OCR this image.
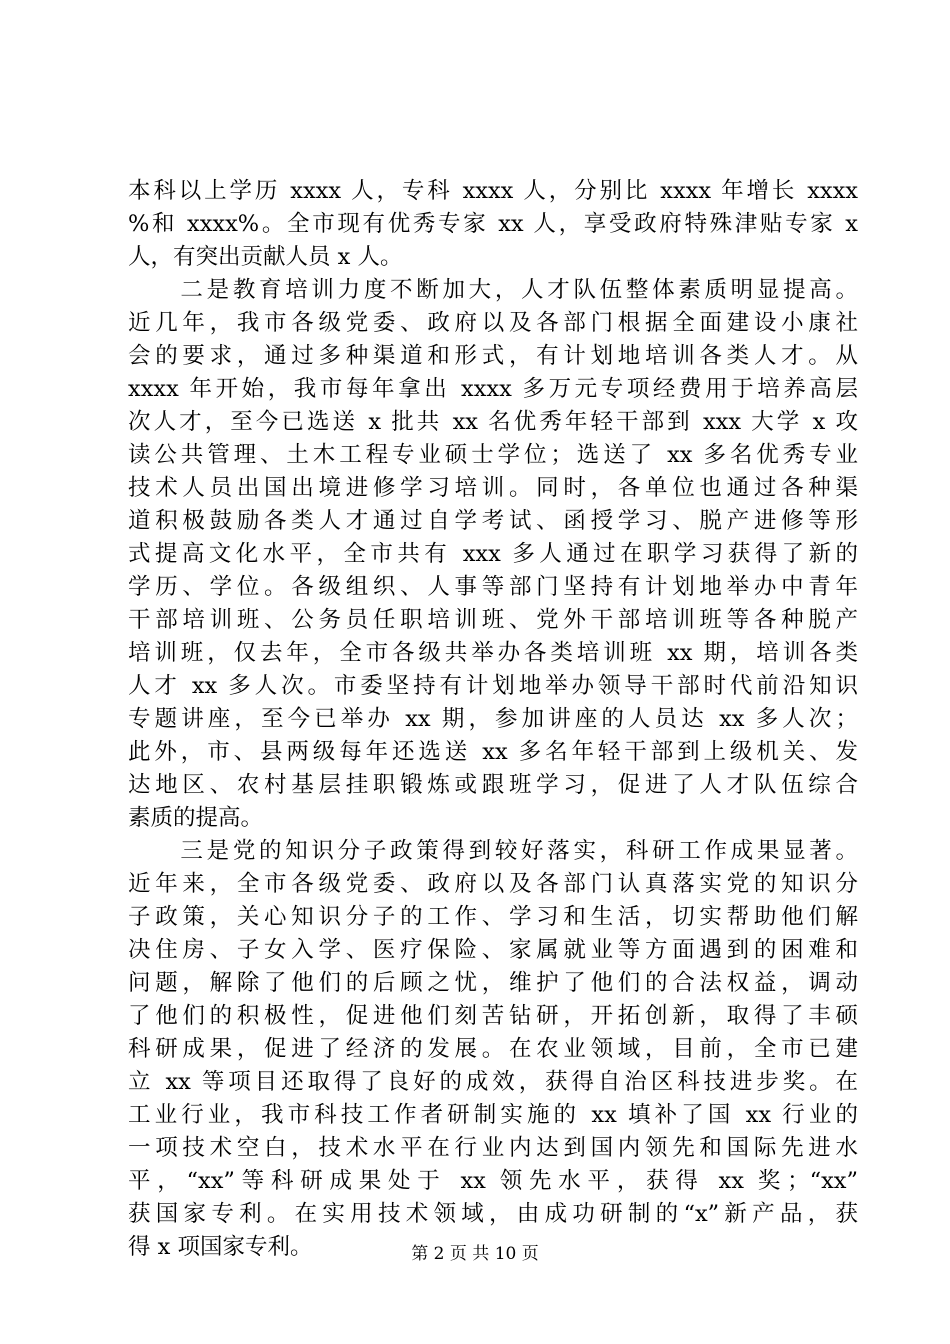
本科以上学历 xxxx 人，专科 xxxx 人，分别比 xxxx 年增长 xxxx
%和 xxxx%。全市现有优秀专家 xx 人，享受政府特殊津贴专家 x
人，有突出贡献人员 x 人。
　　二是教育培训力度不断加大，人才队伍整体素质明显提高。
近几年，我市各级党委、政府以及各部门根据全面建设小康社
会的要求，通过多种渠道和形式，有计划地培训各类人才。从
xxxx 年开始，我市每年拿出 xxxx 多万元专项经费用于培养高层
次人才，至今已选送 x 批共 xx 名优秀年轻干部到 xxx 大学 x 攻
读公共管理、土木工程专业硕士学位；选送了 xx 多名优秀专业
技术人员出国出境进修学习培训。同时，各单位也通过各种渠
道积极鼓励各类人才通过自学考试、函授学习、脱产进修等形
式提高文化水平，全市共有 xxx 多人通过在职学习获得了新的
学历、学位。各级组织、人事等部门坚持有计划地举办中青年
干部培训班、公务员任职培训班、党外干部培训班等各种脱产
培训班，仅去年，全市各级共举办各类培训班 xx 期，培训各类
人才 xx 多人次。市委坚持有计划地举办领导干部时代前沿知识
专题讲座，至今已举办 xx 期，参加讲座的人员达 xx 多人次；
此外，市、县两级每年还选送 xx 多名年轻干部到上级机关、发
达地区、农村基层挂职锻炼或跟班学习，促进了人才队伍综合
素质的提高。
　　三是党的知识分子政策得到较好落实，科研工作成果显著。
近年来，全市各级党委、政府以及各部门认真落实党的知识分
子政策，关心知识分子的工作、学习和生活，切实帮助他们解
决住房、子女入学、医疗保险、家属就业等方面遇到的困难和
问题，解除了他们的后顾之忧，维护了他们的合法权益，调动
了他们的积极性，促进他们刻苦钻研，开拓创新，取得了丰硕
科研成果，促进了经济的发展。在农业领域，目前，全市已建
立 xx 等项目还取得了良好的成效，获得自治区科技进步奖。在
工业行业，我市科技工作者研制实施的 xx 填补了国 xx 行业的
一项技术空白，技术水平在行业内达到国内领先和国际先进水
平，“xx”等科研成果处于 xx 领先水平，获得 xx 奖；“xx”
获国家专利。在实用技术领域，由成功研制的“x”新产品，获
得 x 项国家专利。	第 2 页 共 10 页
